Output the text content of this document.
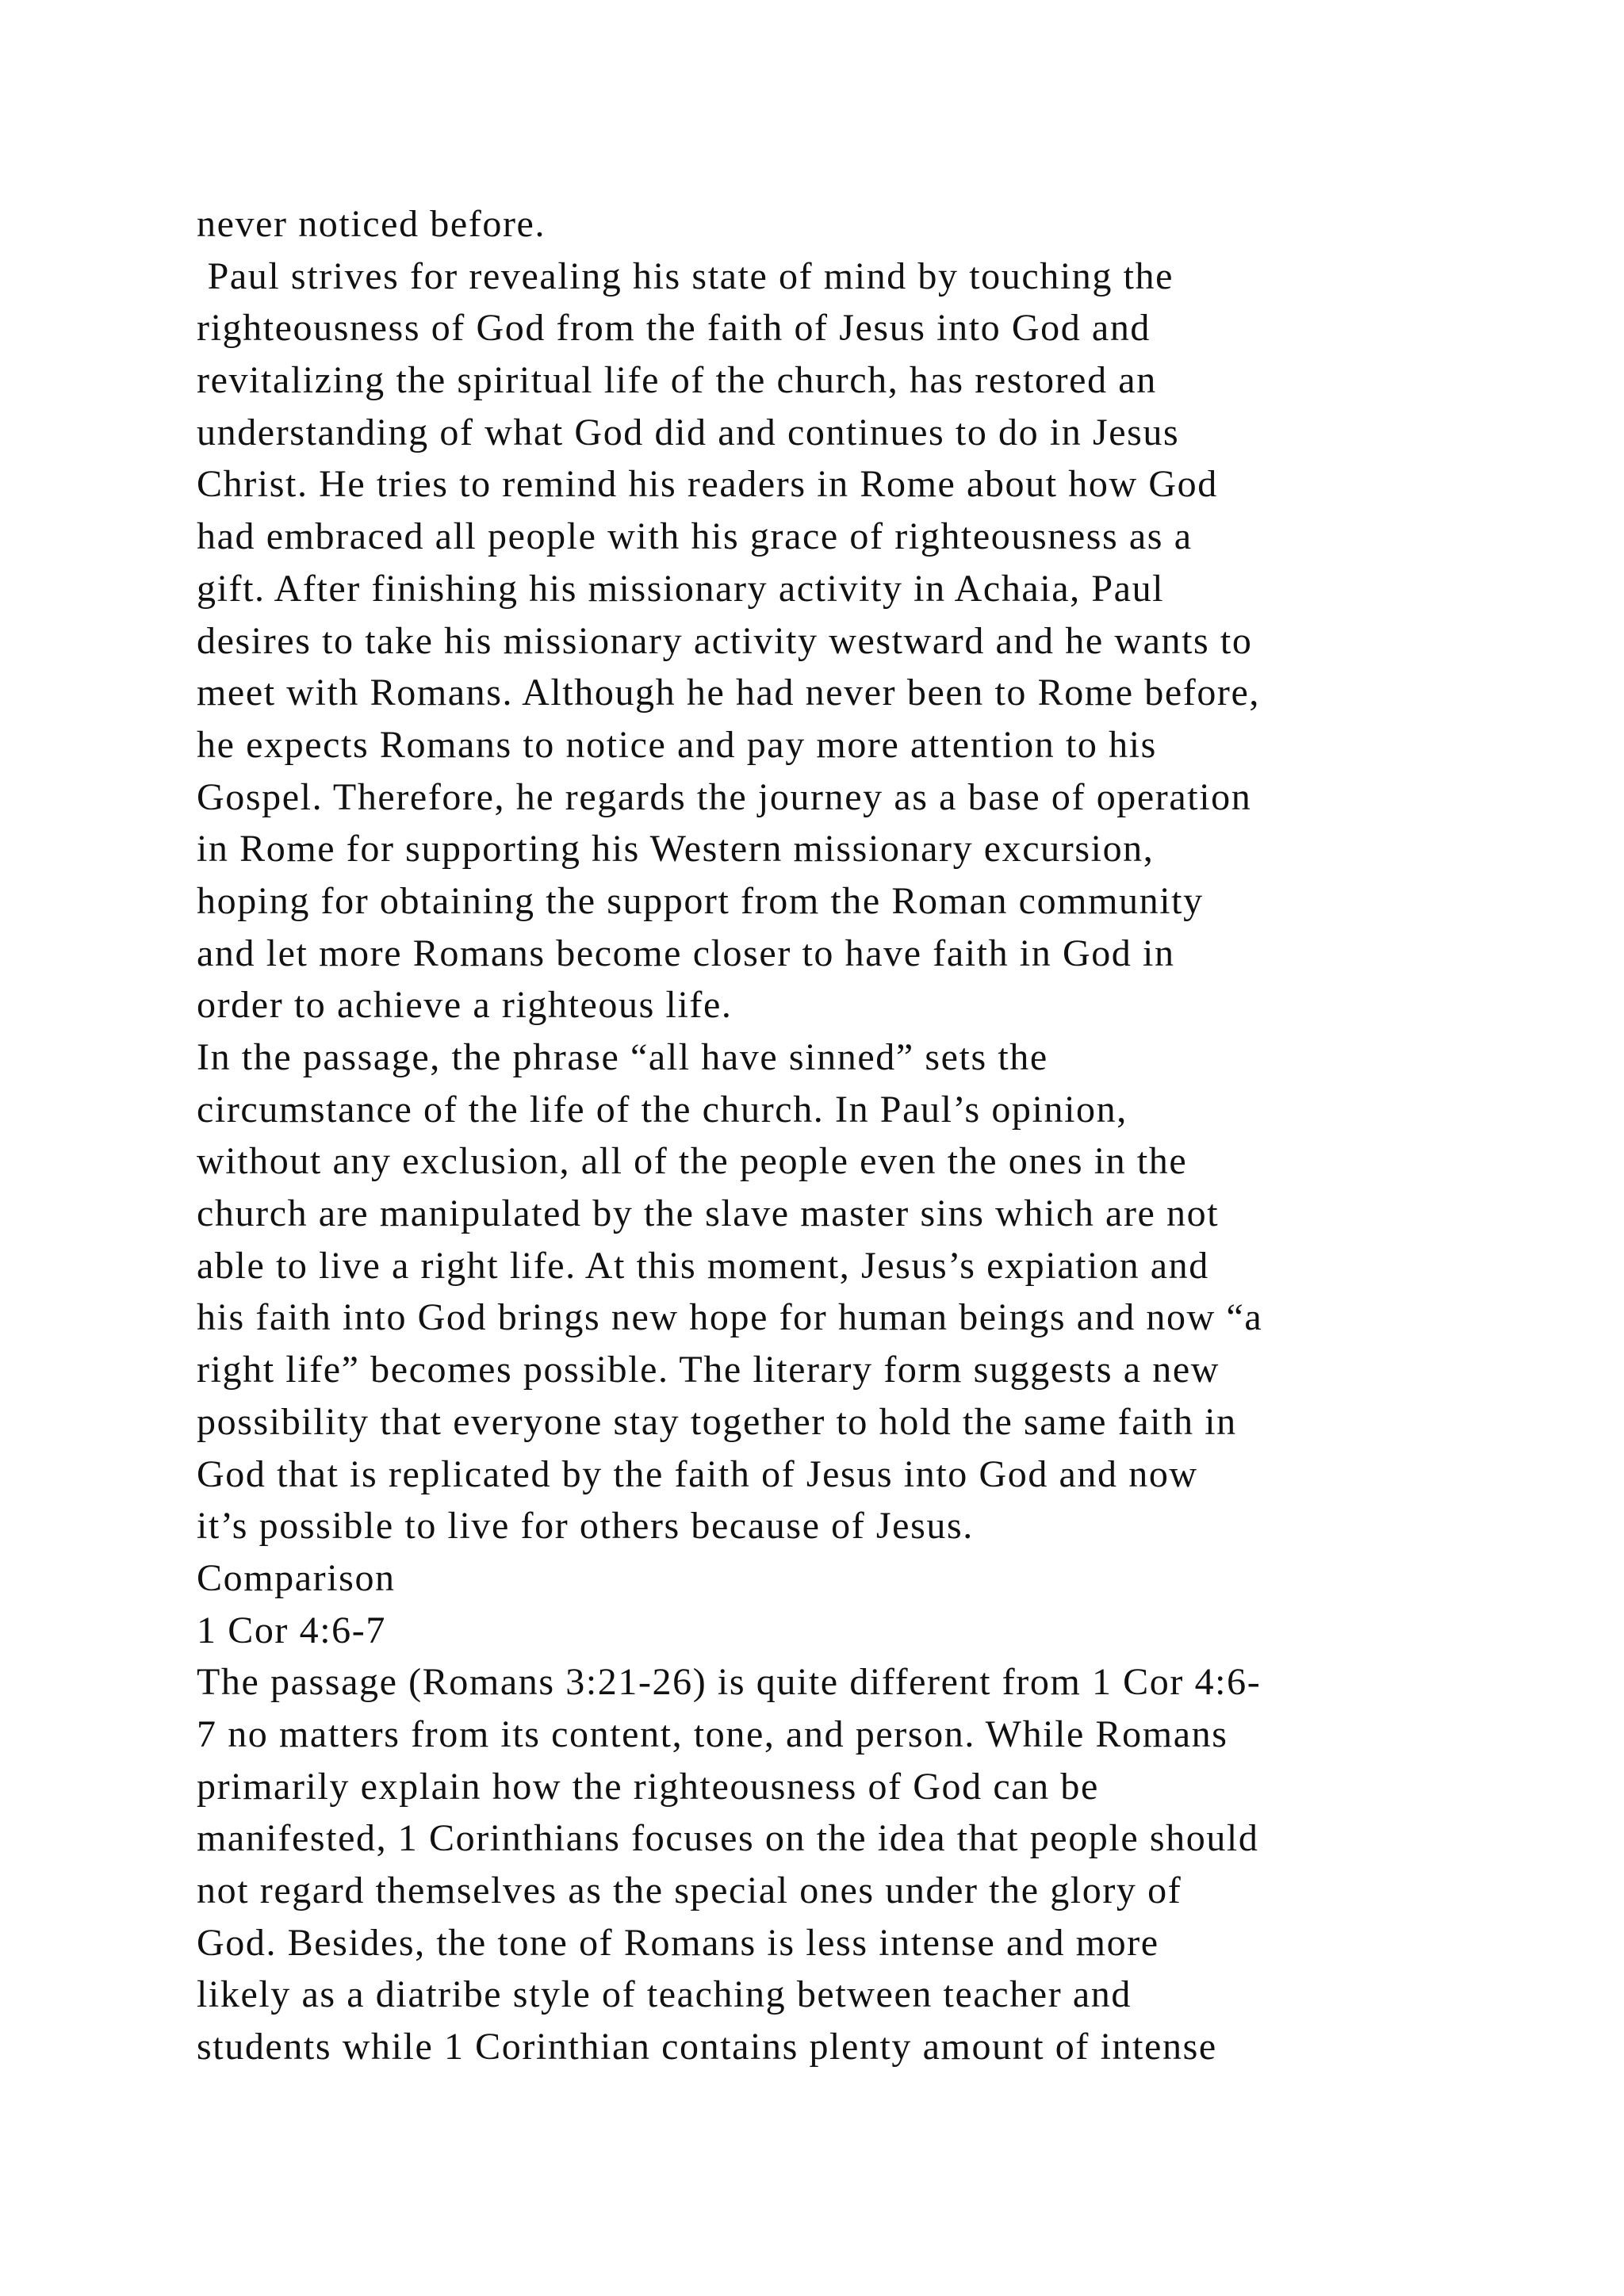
never noticed before.
Paul strives for revealing his state of mind by touching the
righteousness of God from the faith of Jesus into God and
revitalizing the spiritual life of the church, has restored an
understanding of what God did and continues to do in Jesus
Christ. He tries to remind his readers in Rome about how God
had embraced all people with his grace of righteousness as a
gift. After finishing his missionary activity in Achaia, Paul
desires to take his missionary activity westward and he wants to
meet with Romans. Although he had never been to Rome before,
he expects Romans to notice and pay more attention to his
Gospel. Therefore, he regards the journey as a base of operation
in Rome for supporting his Western missionary excursion,
hoping for obtaining the support from the Roman community
and let more Romans become closer to have faith in God in
order to achieve a righteous life.
In the passage, the phrase “all have sinned” sets the
circumstance of the life of the church. In Paul’s opinion,
without any exclusion, all of the people even the ones in the
church are manipulated by the slave master sins which are not
able to live a right life. At this moment, Jesus’s expiation and
his faith into God brings new hope for human beings and now “a
right life” becomes possible. The literary form suggests a new
possibility that everyone stay together to hold the same faith in
God that is replicated by the faith of Jesus into God and now
it’s possible to live for others because of Jesus.
Comparison
1 Cor 4:6-7
The passage (Romans 3:21-26) is quite different from 1 Cor 4:6-
7 no matters from its content, tone, and person. While Romans
primarily explain how the righteousness of God can be
manifested, 1 Corinthians focuses on the idea that people should
not regard themselves as the special ones under the glory of
God. Besides, the tone of Romans is less intense and more
likely as a diatribe style of teaching between teacher and
students while 1 Corinthian contains plenty amount of intense
